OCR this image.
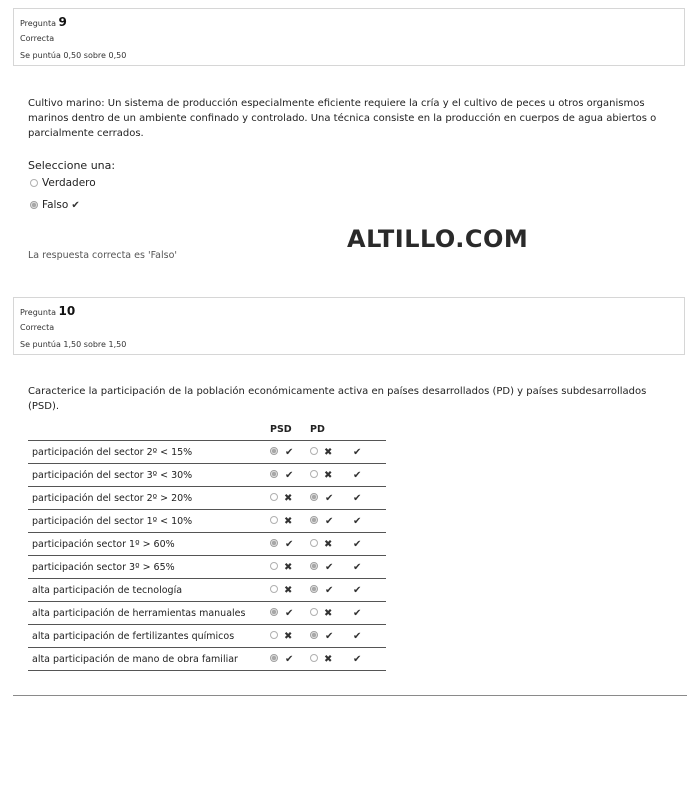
Pregunta 9
Correcta
Se puntúa 0,50 sobre 0,50
Cultivo marino: Un sistema de producción especialmente eficiente requiere la cría y el cultivo de peces u otros organismos marinos dentro de un ambiente confinado y controlado. Una técnica consiste en la producción en cuerpos de agua abiertos o parcialmente cerrados.
Seleccione una:
Verdadero
Falso ✔
ALTILLO.COM
La respuesta correcta es 'Falso'
Pregunta 10
Correcta
Se puntúa 1,50 sobre 1,50
Caracterice la participación de la población económicamente activa en países desarrollados (PD) y países subdesarrollados (PSD).
	PSD	PD	
participación del sector 2º < 15%	✔	✖	✔
participación del sector 3º < 30%	✔	✖	✔
participación del sector 2º > 20%	✖	✔	✔
participación del sector 1º < 10%	✖	✔	✔
participación sector 1º > 60%	✔	✖	✔
participación sector 3º > 65%	✖	✔	✔
alta participación de tecnología	✖	✔	✔
alta participación de herramientas manuales	✔	✖	✔
alta participación de fertilizantes químicos	✖	✔	✔
alta participación de mano de obra familiar	✔	✖	✔
